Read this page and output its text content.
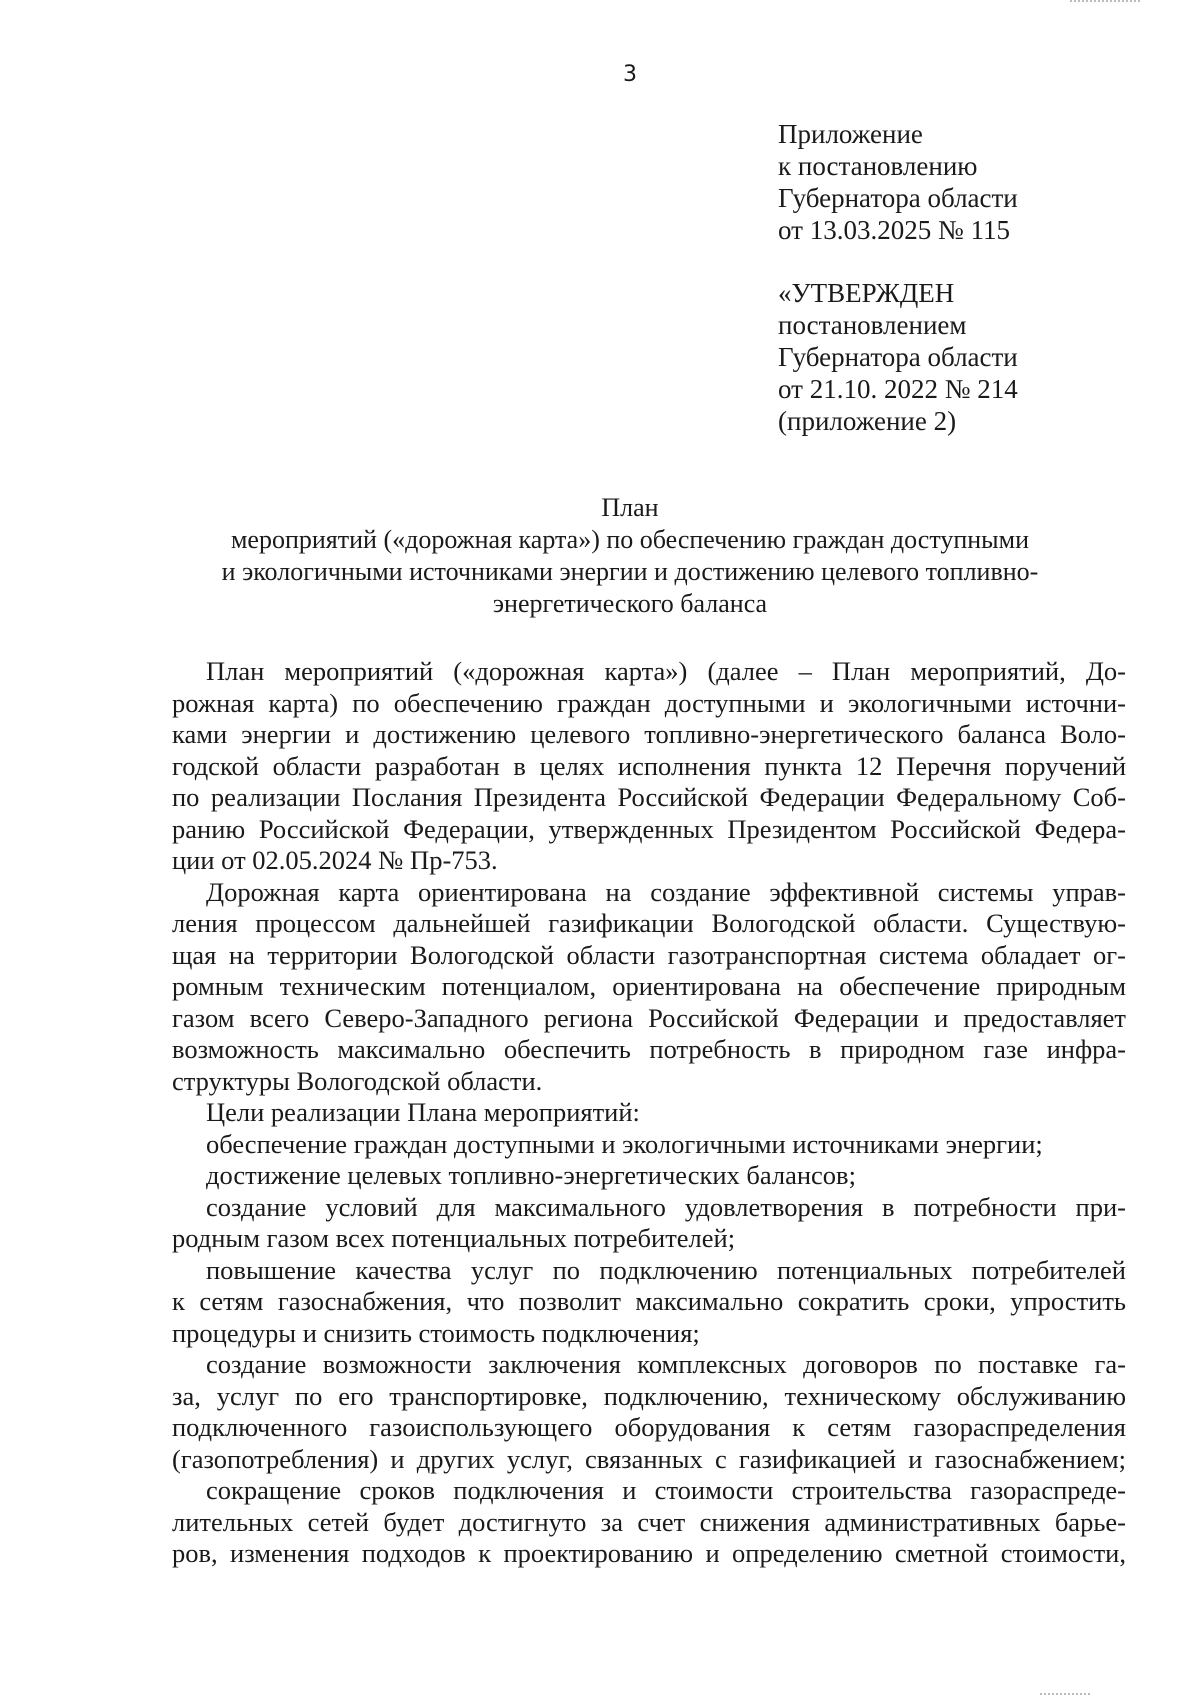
3
Приложение
к постановлению
Губернатора области
от 13.03.2025 № 115
«УТВЕРЖДЕН
постановлением
Губернатора области
от 21.10. 2022 № 214
(приложение 2)
План
мероприятий («дорожная карта») по обеспечению граждан доступными
и экологичными источниками энергии и достижению целевого топливно-
энергетического баланса
План мероприятий («дорожная карта») (далее – План мероприятий, До-
рожная карта) по обеспечению граждан доступными и экологичными источни-
ками энергии и достижению целевого топливно-энергетического баланса Воло-
годской области разработан в целях исполнения пункта 12 Перечня поручений
по реализации Послания Президента Российской Федерации Федеральному Соб-
ранию Российской Федерации, утвержденных Президентом Российской Федера-
ции от 02.05.2024 № Пр-753.
Дорожная карта ориентирована на создание эффективной системы управ-
ления процессом дальнейшей газификации Вологодской области. Существую-
щая на территории Вологодской области газотранспортная система обладает ог-
ромным техническим потенциалом, ориентирована на обеспечение природным
газом всего Северо-Западного региона Российской Федерации и предоставляет
возможность максимально обеспечить потребность в природном газе инфра-
структуры Вологодской области.
Цели реализации Плана мероприятий:
обеспечение граждан доступными и экологичными источниками энергии;
достижение целевых топливно-энергетических балансов;
создание условий для максимального удовлетворения в потребности при-
родным газом всех потенциальных потребителей;
повышение качества услуг по подключению потенциальных потребителей
к сетям газоснабжения, что позволит максимально сократить сроки, упростить
процедуры и снизить стоимость подключения;
создание возможности заключения комплексных договоров по поставке га-
за, услуг по его транспортировке, подключению, техническому обслуживанию
подключенного газоиспользующего оборудования к сетям газораспределения
(газопотребления) и других услуг, связанных с газификацией и газоснабжением;
сокращение сроков подключения и стоимости строительства газораспреде-
лительных сетей будет достигнуто за счет снижения административных барье-
ров, изменения подходов к проектированию и определению сметной стоимости,
